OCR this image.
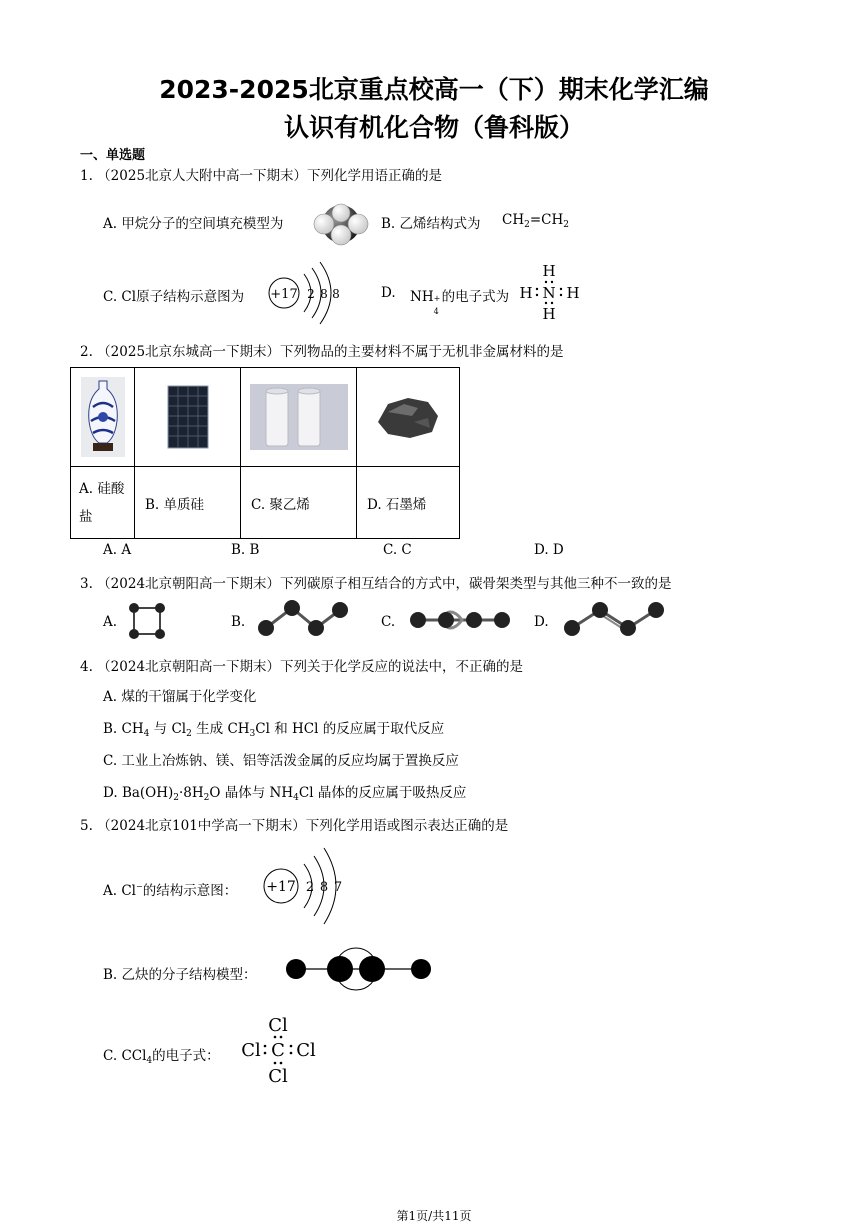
2023-2025北京重点校高一（下）期末化学汇编
认识有机化合物（鲁科版）
一、单选题
1. （2025北京人大附中高一下期末）下列化学用语正确的是
A. 甲烷分子的空间填充模型为	B. 乙烯结构式为 $CH_2=CH_2$
C. Cl原子结构示意图为 +17 2 8 8	D. NH +
4
的电子式为
H
N
H
H H
2. （2025北京东城高一下期末）下列物品的主要材料不属于无机非金属材料的是

A. 硅酸盐	B. 单质硅	C. 聚乙烯	D. 石墨烯
A. A	B. B	C. C	D. D
3. （2024北京朝阳高一下期末）下列碳原子相互结合的方式中，碳骨架类型与其他三种不一致的是
A.	B.	C.	D.
4. （2024北京朝阳高一下期末）下列关于化学反应的说法中，不正确的是
A. 煤的干馏属于化学变化
B. $CH_4$ 与 $Cl_2$ 生成 $CH_3Cl$ 和 HCl 的反应属于取代反应
C. 工业上冶炼钠、镁、铝等活泼金属的反应均属于置换反应
D. $Ba(OH)_2\cdot 8H_2O$ 晶体与 $NH_4Cl$ 晶体的反应属于吸热反应
5. （2024北京101中学高一下期末）下列化学用语或图示表达正确的是
A. Cl−的结构示意图： +17 2 8 7
B. 乙炔的分子结构模型：
C. CCl$_4$的电子式：
Cl
C
Cl
Cl Cl
第1页/共11页
